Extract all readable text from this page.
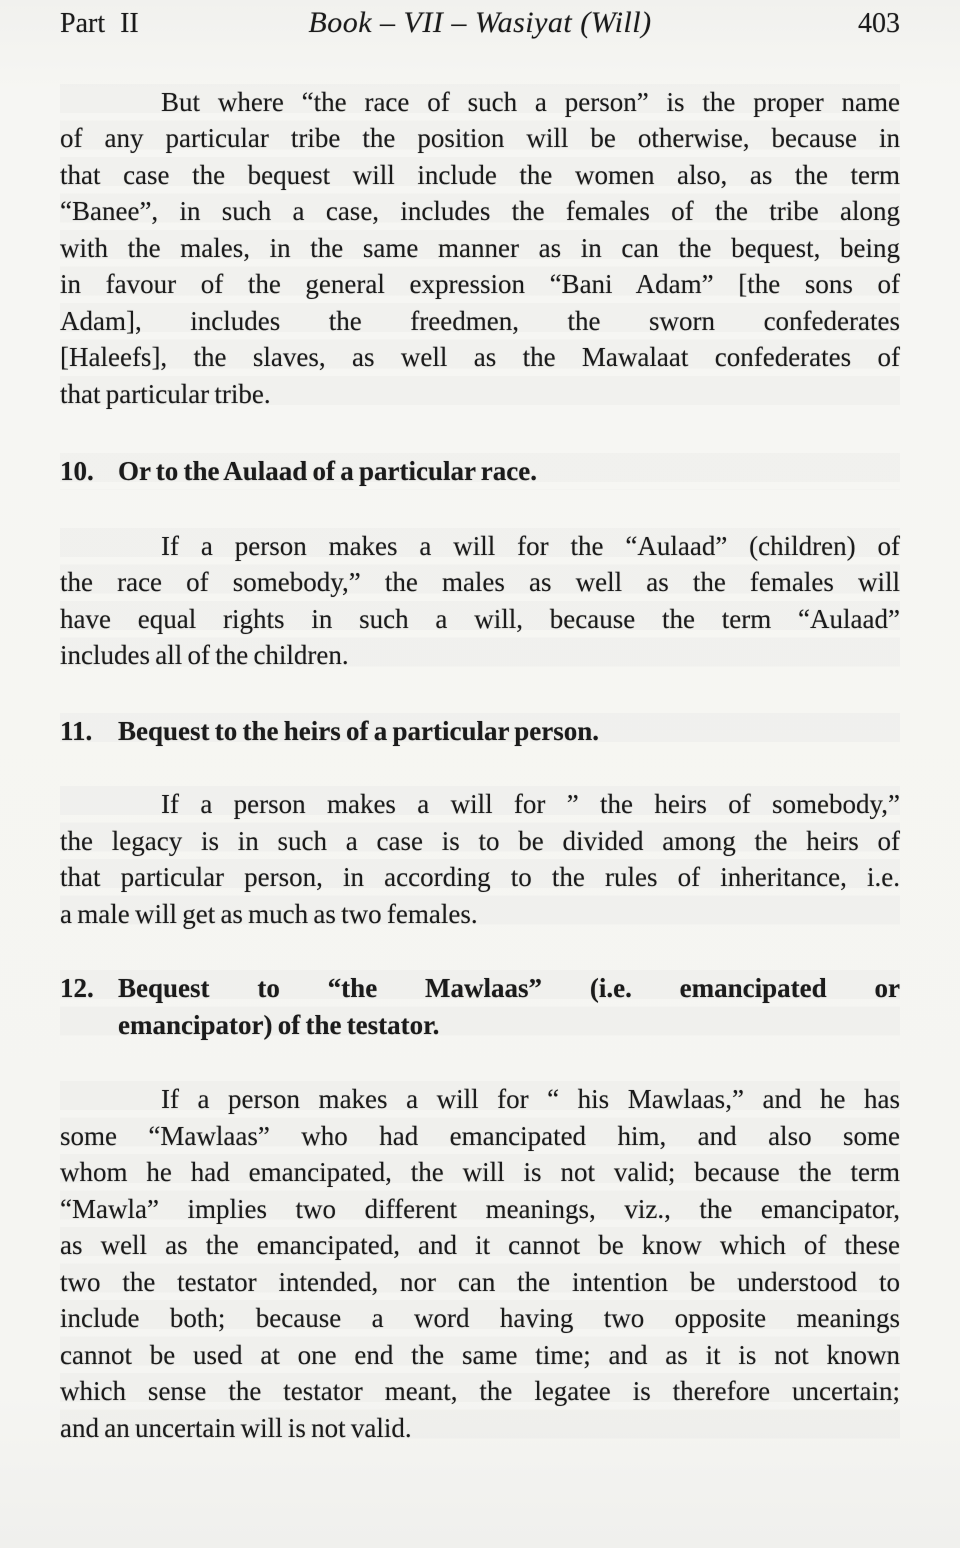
Part II	Book – VII – Wasiyat (Will)	403
But where “the race of such a person” is the proper name
of any particular tribe the position will be otherwise, because in
that case the bequest will include the women also, as the term
“Banee”, in such a case, includes the females of the tribe along
with the males, in the same manner as in can the bequest, being
in favour of the general expression “Bani Adam” [the sons of
Adam], includes the freedmen, the sworn confederates
[Haleefs], the slaves, as well as the Mawalaat confederates of
that particular tribe.
10. Or to the Aulaad of a particular race.
If a person makes a will for the “Aulaad” (children) of
the race of somebody,” the males as well as the females will
have equal rights in such a will, because the term “Aulaad”
includes all of the children.
11. Bequest to the heirs of a particular person.
If a person makes a will for ” the heirs of somebody,”
the legacy is in such a case is to be divided among the heirs of
that particular person, in according to the rules of inheritance, i.e.
a male will get as much as two females.
12. Bequest to “the Mawlaas” (i.e. emancipated or
emancipator) of the testator.
If a person makes a will for “ his Mawlaas,” and he has
some “Mawlaas” who had emancipated him, and also some
whom he had emancipated, the will is not valid; because the term
“Mawla” implies two different meanings, viz., the emancipator,
as well as the emancipated, and it cannot be know which of these
two the testator intended, nor can the intention be understood to
include both; because a word having two opposite meanings
cannot be used at one end the same time; and as it is not known
which sense the testator meant, the legatee is therefore uncertain;
and an uncertain will is not valid.
